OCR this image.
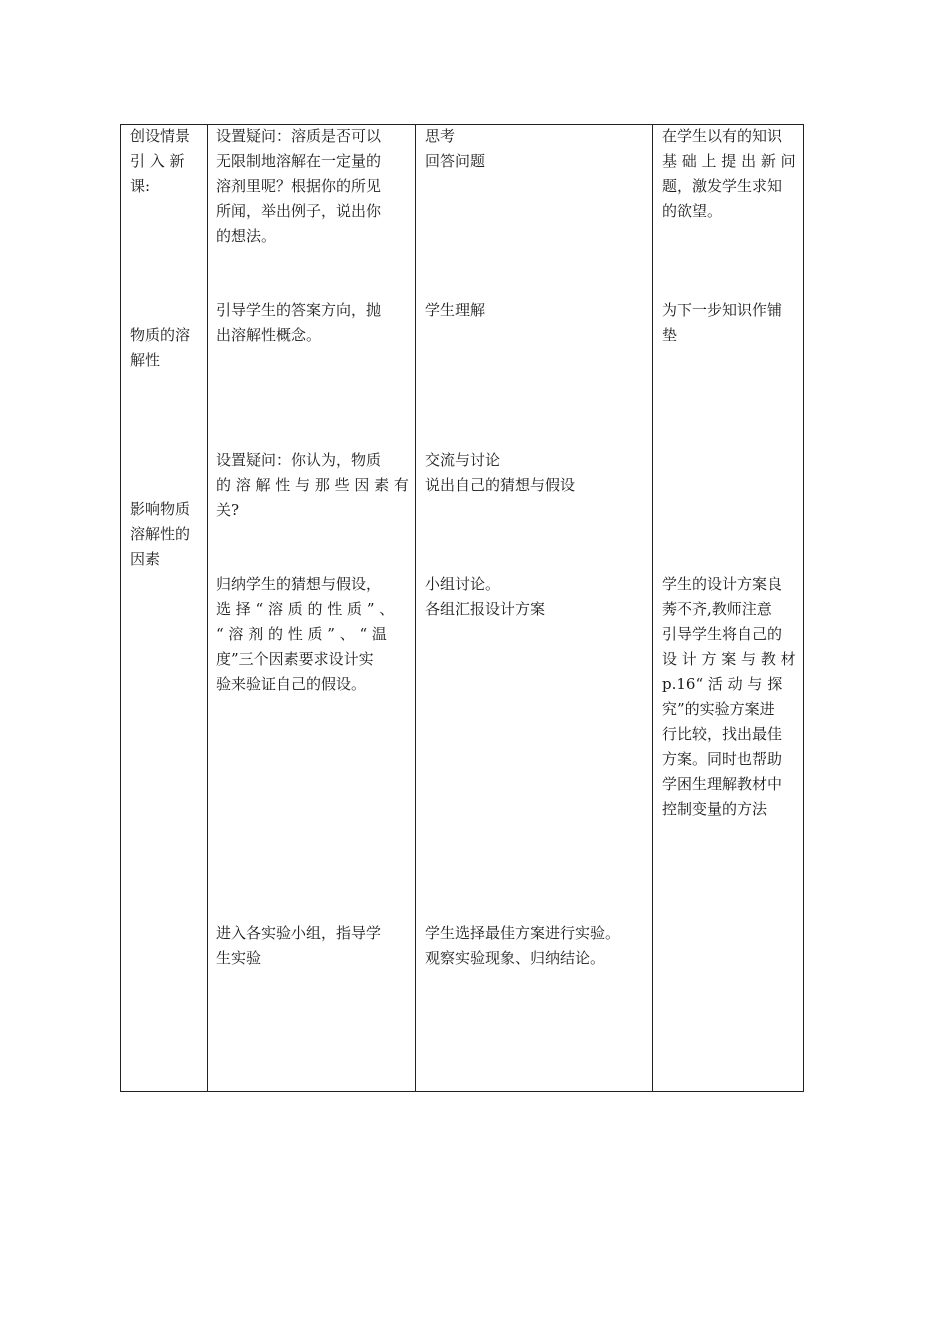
创设情景
引 入 新
课:
设置疑问：溶质是否可以
无限制地溶解在一定量的
溶剂里呢？根据你的所见
所闻，举出例子，说出你
的想法。
思考
回答问题
在学生以有的知识
基 础 上 提 出 新 问
题，激发学生求知
的欲望。
物质的溶
解性
引导学生的答案方向，抛
出溶解性概念。
学生理解	为下一步知识作铺
垫
影响物质
溶解性的
因素
设置疑问：你认为，物质
的 溶 解 性 与 那 些 因 素 有
关?
交流与讨论
说出自己的猜想与假设
归纳学生的猜想与假设，
选 择 “ 溶 质 的 性 质 ” 、
“ 溶 剂 的 性 质 ” 、 “ 温
度”三个因素要求设计实
验来验证自己的假设。
小组讨论。
各组汇报设计方案
学生的设计方案良
莠不齐,教师注意
引导学生将自己的
设 计 方 案 与 教 材
p.16“ 活 动 与 探
究”的实验方案进
行比较，找出最佳
方案。同时也帮助
学困生理解教材中
控制变量的方法
进入各实验小组，指导学
生实验
学生选择最佳方案进行实验。
观察实验现象、归纳结论。
